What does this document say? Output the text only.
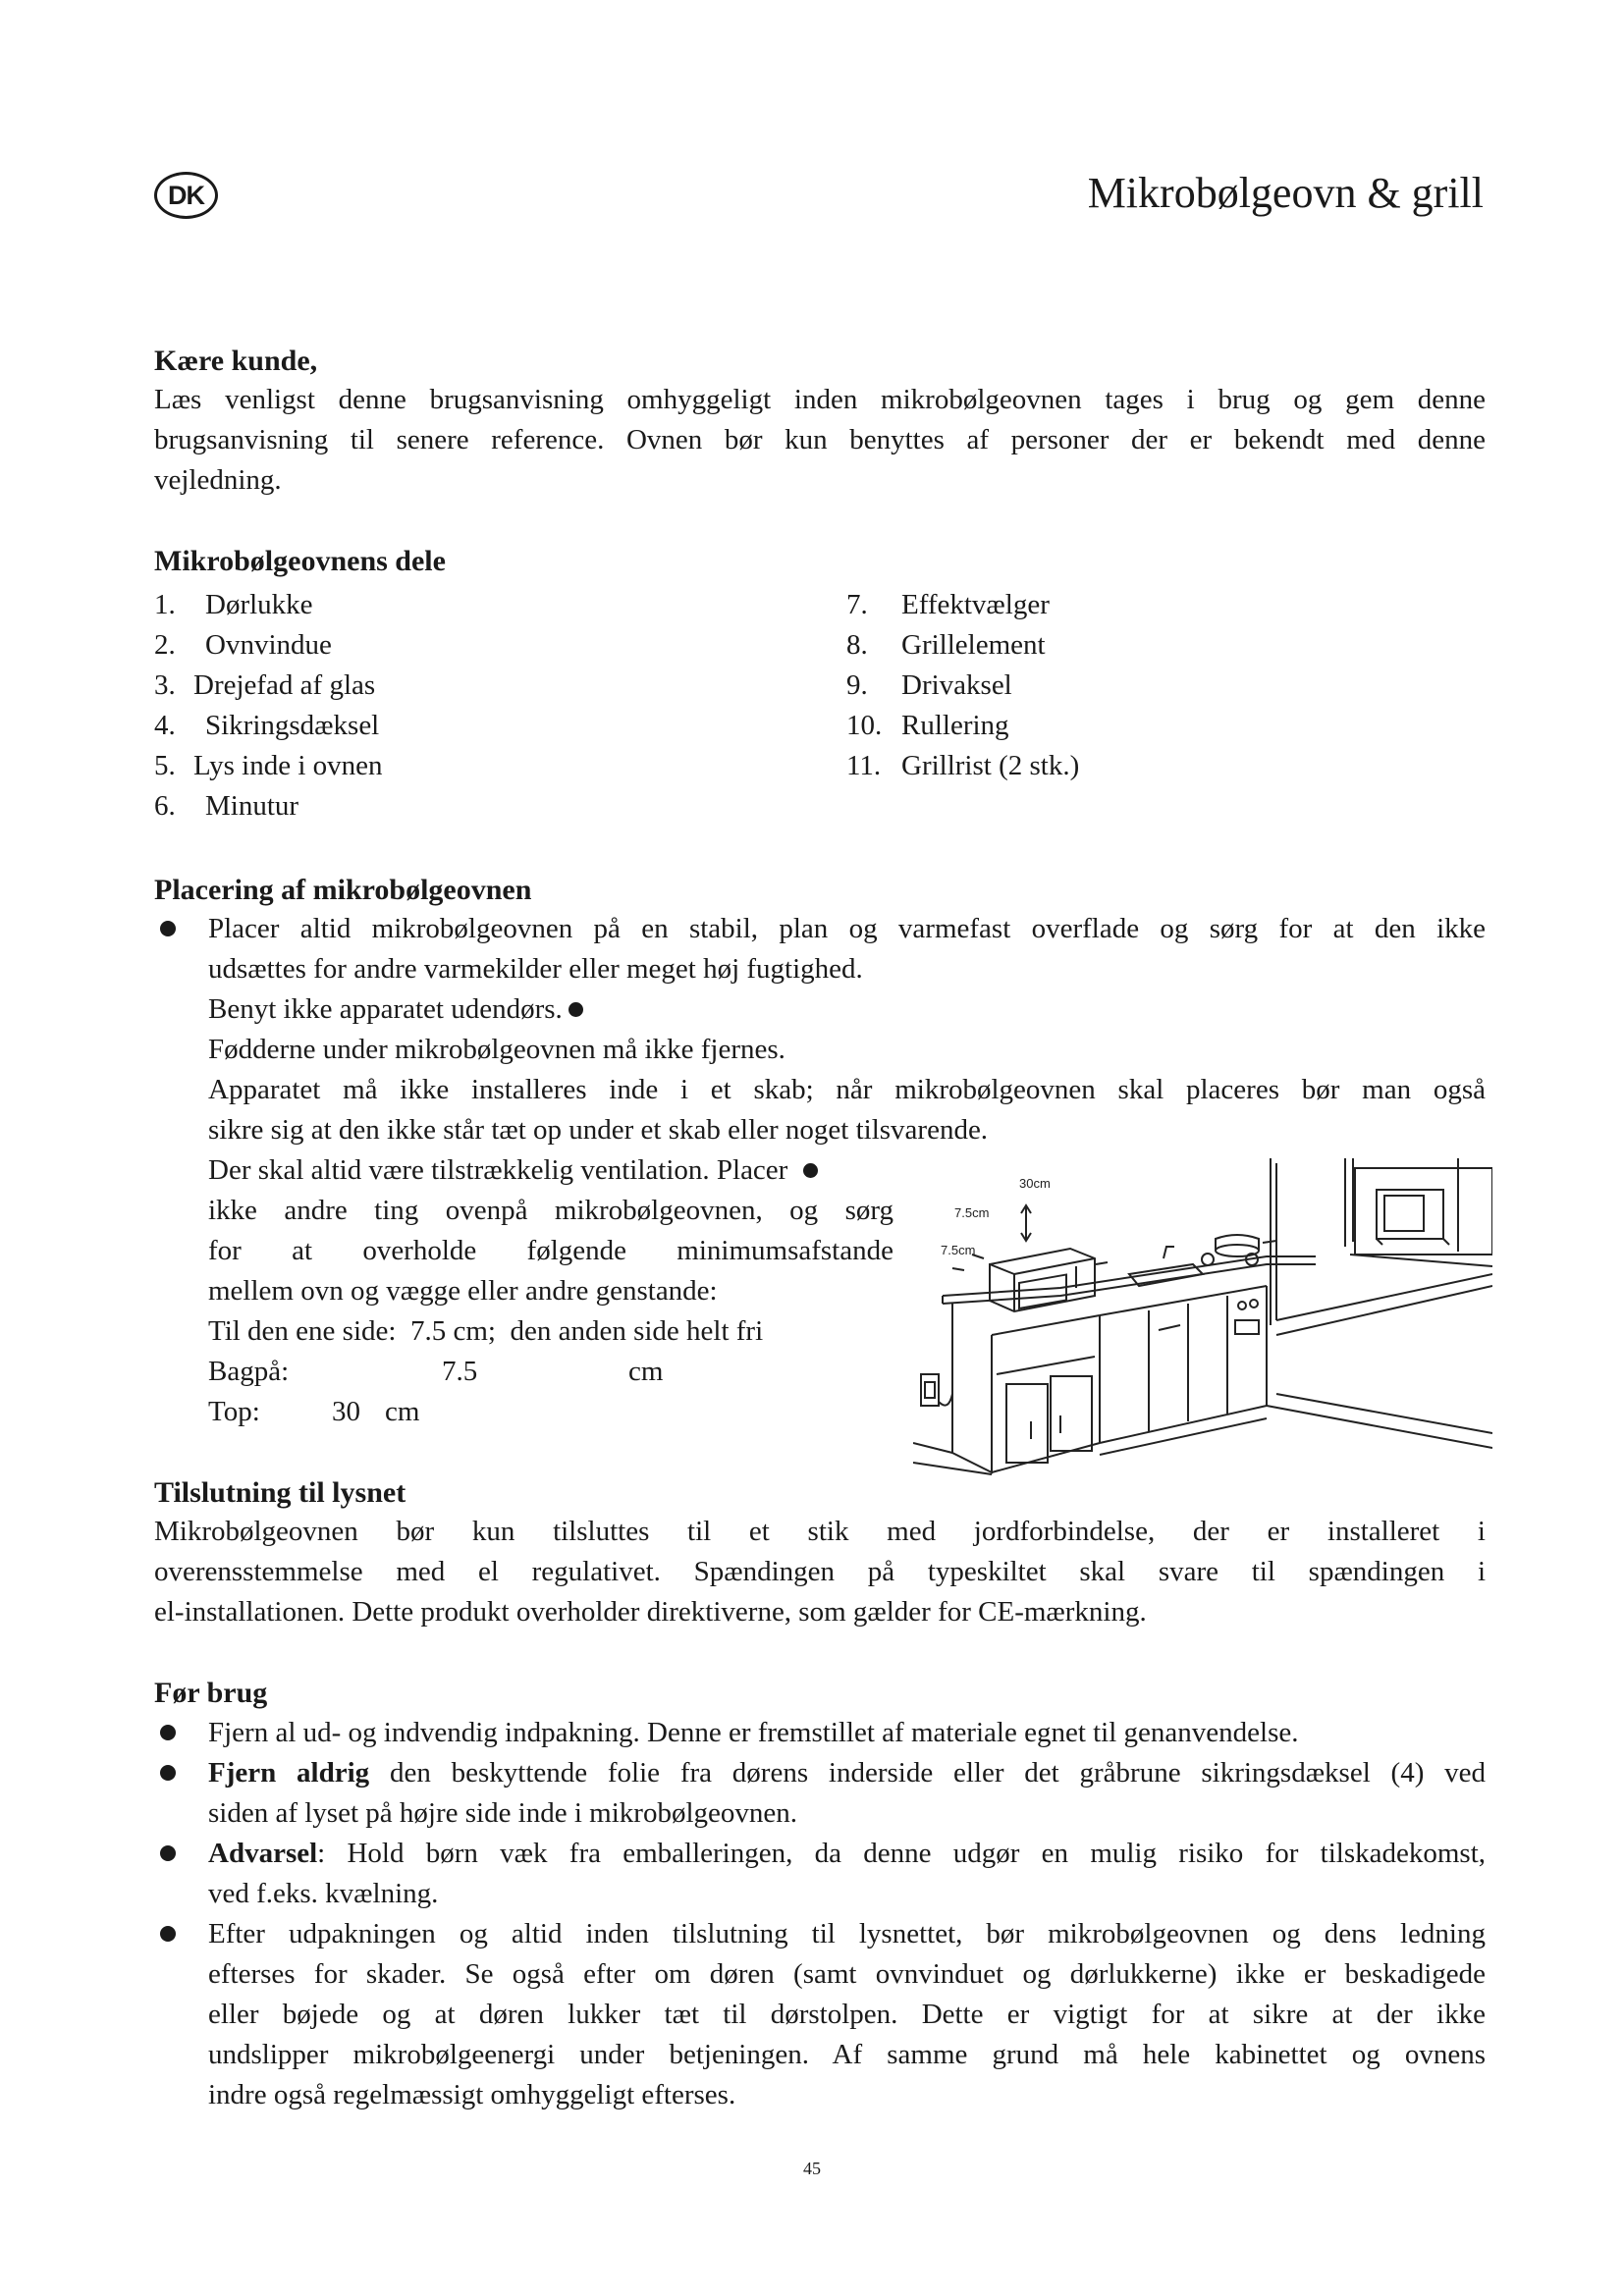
DK	Mikrobølgeovn & grill
Kære kunde,
Læs venligst denne brugsanvisning omhyggeligt inden mikrobølgeovnen tages i brug og gem denne
brugsanvisning til senere reference. Ovnen bør kun benyttes af personer der er bekendt med denne
vejledning.
Mikrobølgeovnens dele
1. Dørlukke
2. Ovnvindue
3. Drejefad af glas
4. Sikringsdæksel
5. Lys inde i ovnen
6. Minutur
7. Effektvælger
8. Grillelement
9. Drivaksel
10. Rullering
11. Grillrist (2 stk.)
Placering af mikrobølgeovnen
Placer altid mikrobølgeovnen på en stabil, plan og varmefast overflade og sørg for at den ikke
udsættes for andre varmekilder eller meget høj fugtighed.
Benyt ikke apparatet udendørs.
Fødderne under mikrobølgeovnen må ikke fjernes.
Apparatet må ikke installeres inde i et skab; når mikrobølgeovnen skal placeres bør man også
sikre sig at den ikke står tæt op under et skab eller noget tilsvarende.
Der skal altid være tilstrækkelig ventilation. Placer
ikke andre ting ovenpå mikrobølgeovnen, og sørg
for at overholde følgende minimumsafstande
mellem ovn og vægge eller andre genstande:
Til den ene side: 7.5 cm; den anden side helt fri
Bagpå:	7.5	cm
Top:	30 cm
30cm
7.5cm
7.5cm
Tilslutning til lysnet
Mikrobølgeovnen bør kun tilsluttes til et stik med jordforbindelse, der er installeret i
overensstemmelse med el regulativet. Spændingen på typeskiltet skal svare til spændingen i
el-installationen. Dette produkt overholder direktiverne, som gælder for CE-mærkning.
Før brug
Fjern al ud- og indvendig indpakning. Denne er fremstillet af materiale egnet til genanvendelse.
Fjern aldrig den beskyttende folie fra dørens inderside eller det gråbrune sikringsdæksel (4) ved
siden af lyset på højre side inde i mikrobølgeovnen.
Advarsel: Hold børn væk fra emballeringen, da denne udgør en mulig risiko for tilskadekomst,
ved f.eks. kvælning.
Efter udpakningen og altid inden tilslutning til lysnettet, bør mikrobølgeovnen og dens ledning
efterses for skader. Se også efter om døren (samt ovnvinduet og dørlukkerne) ikke er beskadigede
eller bøjede og at døren lukker tæt til dørstolpen. Dette er vigtigt for at sikre at der ikke
undslipper mikrobølgeenergi under betjeningen. Af samme grund må hele kabinettet og ovnens
indre også regelmæssigt omhyggeligt efterses.
45
